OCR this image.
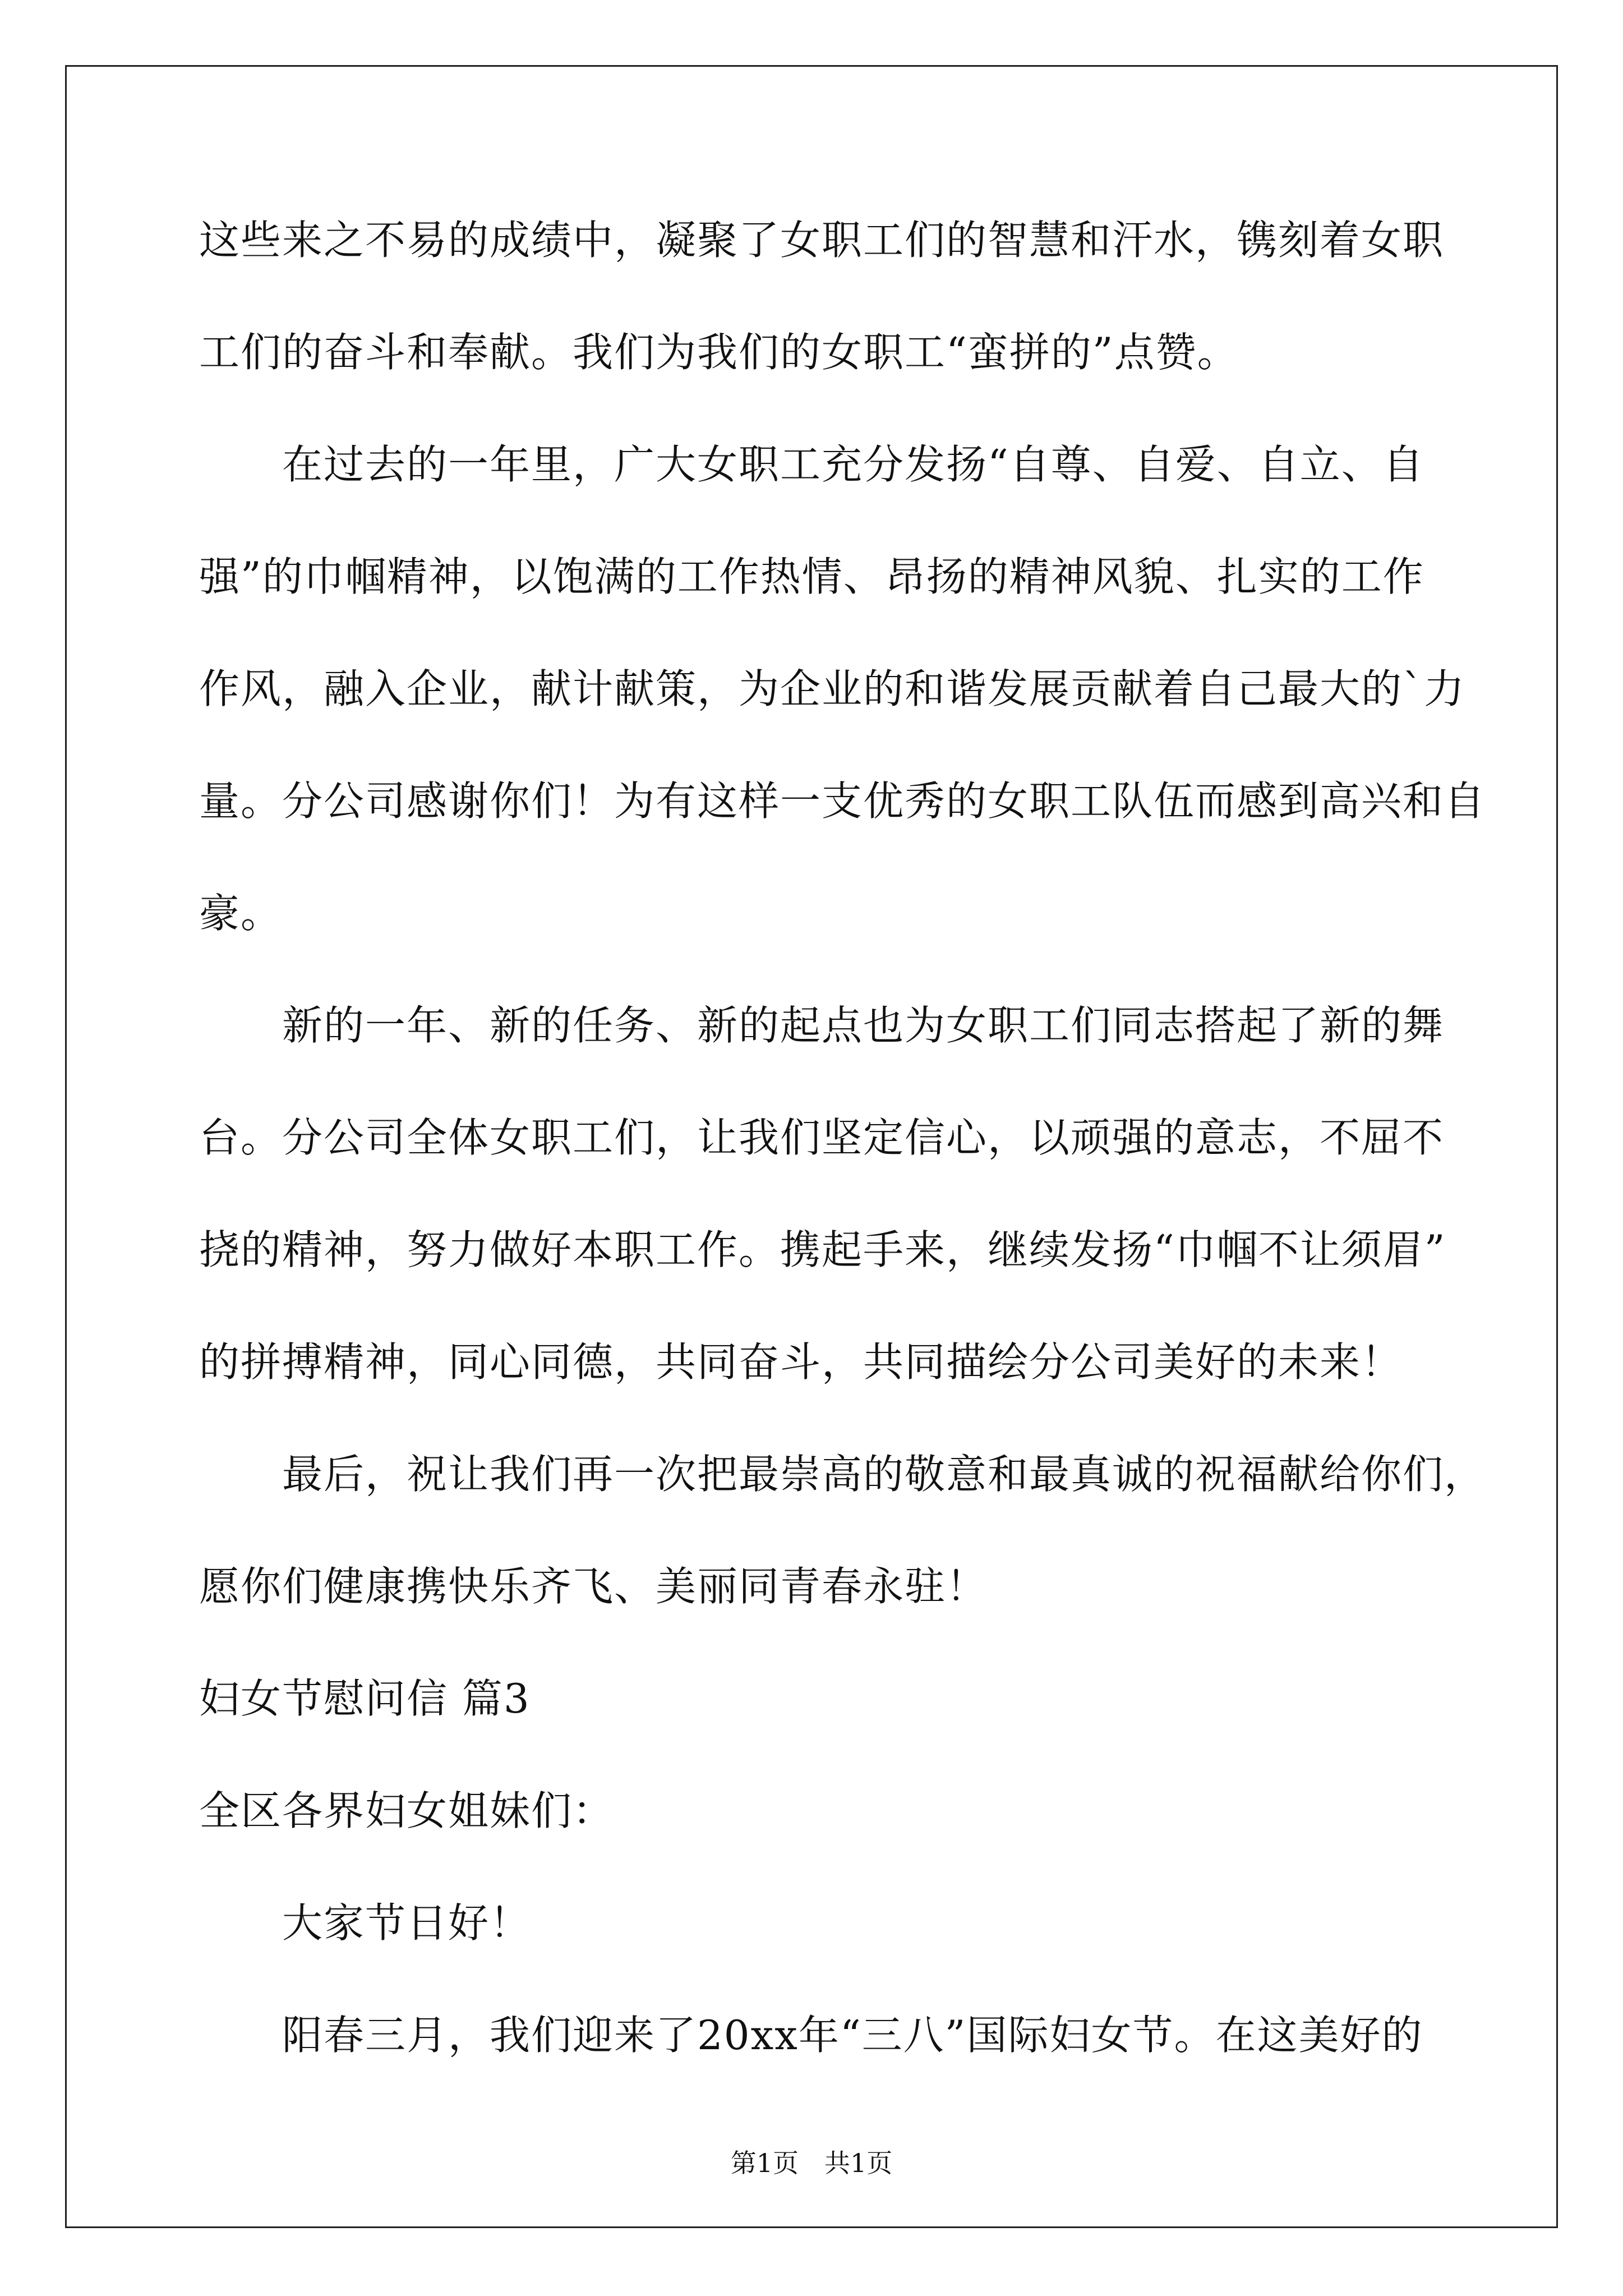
这些来之不易的成绩中，凝聚了女职工们的智慧和汗水，镌刻着女职
工们的奋斗和奉献。我们为我们的女职工“蛮拼的”点赞。
在过去的一年里，广大女职工充分发扬“自尊、自爱、自立、自
强”的巾帼精神，以饱满的工作热情、昂扬的精神风貌、扎实的工作
作风，融入企业，献计献策，为企业的和谐发展贡献着自己最大的`力
量。分公司感谢你们！为有这样一支优秀的女职工队伍而感到高兴和自
豪。
新的一年、新的任务、新的起点也为女职工们同志搭起了新的舞
台。分公司全体女职工们，让我们坚定信心，以顽强的意志，不屈不
挠的精神，努力做好本职工作。携起手来，继续发扬“巾帼不让须眉”
的拼搏精神，同心同德，共同奋斗，共同描绘分公司美好的未来！
最后，祝让我们再一次把最崇高的敬意和最真诚的祝福献给你们，
愿你们健康携快乐齐飞、美丽同青春永驻！
妇女节慰问信 篇3
全区各界妇女姐妹们：
大家节日好！
阳春三月，我们迎来了20xx年“三八”国际妇女节。在这美好的
第1页　共1页
